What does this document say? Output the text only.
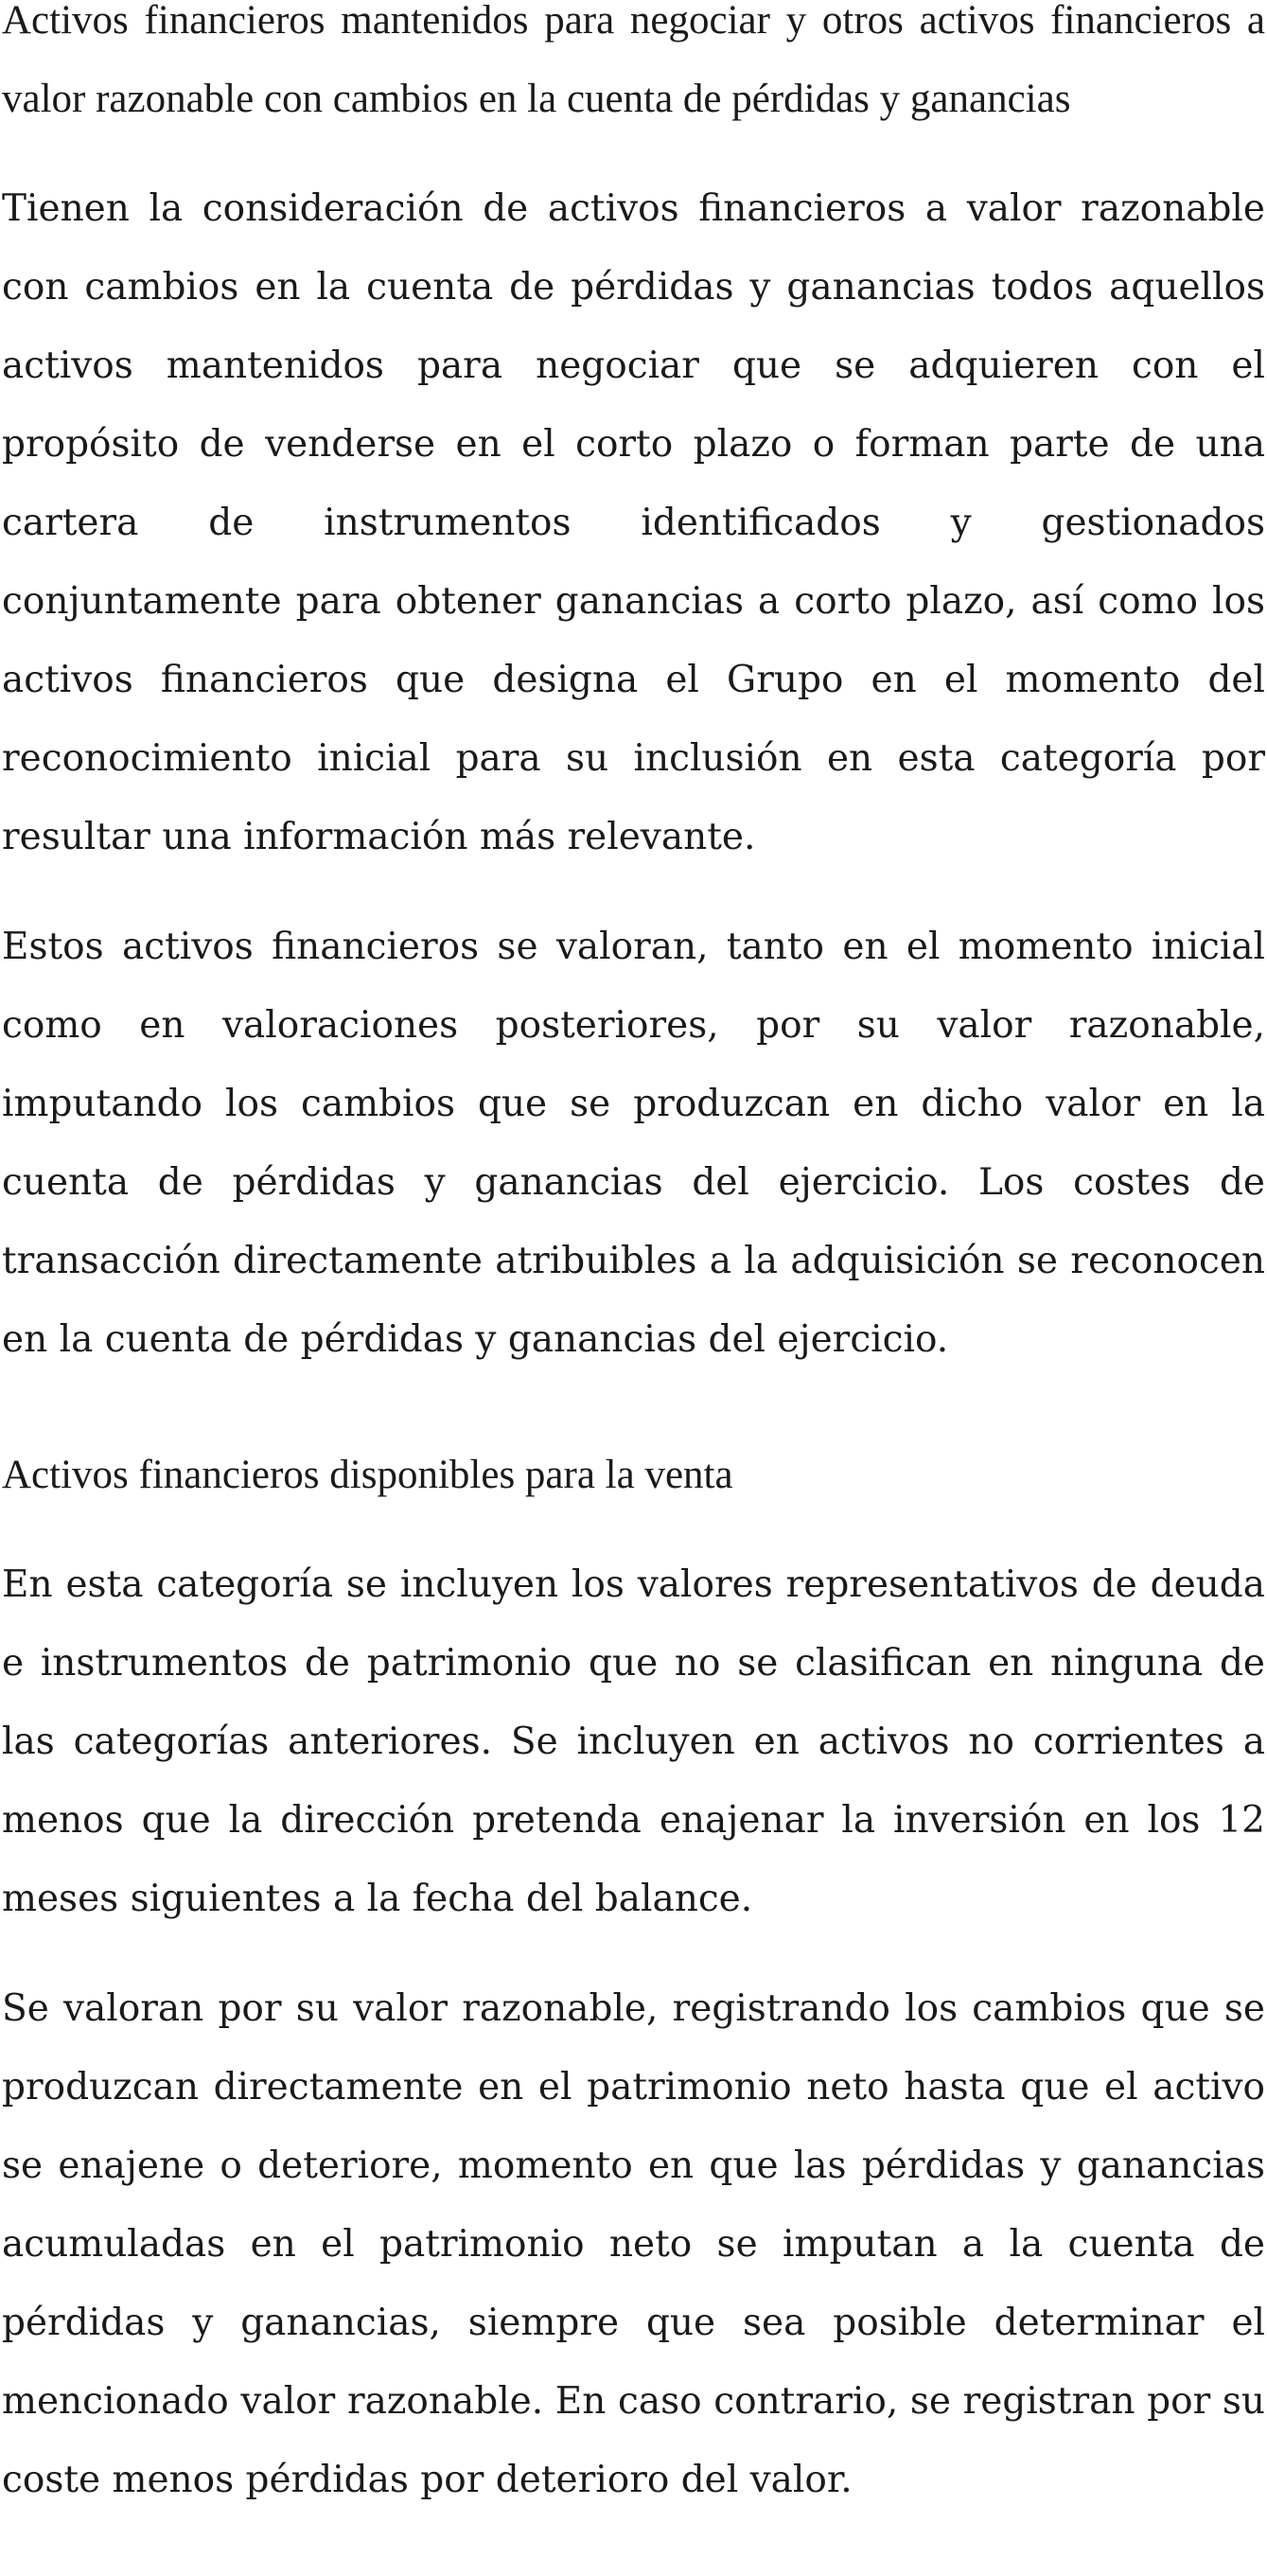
Activos financieros mantenidos para negociar y otros activos financieros a valor razonable con cambios en la cuenta de pérdidas y ganancias

Tienen la consideración de activos financieros a valor razonable con cambios en la cuenta de pérdidas y ganancias todos aquellos activos mantenidos para negociar que se adquieren con el propósito de venderse en el corto plazo o forman parte de una cartera de instrumentos identificados y gestionados conjuntamente para obtener ganancias a corto plazo, así como los activos financieros que designa el Grupo en el momento del reconocimiento inicial para su inclusión en esta categoría por resultar una información más relevante.

Estos activos financieros se valoran, tanto en el momento inicial como en valoraciones posteriores, por su valor razonable, imputando los cambios que se produzcan en dicho valor en la cuenta de pérdidas y ganancias del ejercicio. Los costes de transacción directamente atribuibles a la adquisición se reconocen en la cuenta de pérdidas y ganancias del ejercicio.

Activos financieros disponibles para la venta

En esta categoría se incluyen los valores representativos de deuda e instrumentos de patrimonio que no se clasifican en ninguna de las categorías anteriores. Se incluyen en activos no corrientes a menos que la dirección pretenda enajenar la inversión en los 12 meses siguientes a la fecha del balance.

Se valoran por su valor razonable, registrando los cambios que se produzcan directamente en el patrimonio neto hasta que el activo se enajene o deteriore, momento en que las pérdidas y ganancias acumuladas en el patrimonio neto se imputan a la cuenta de pérdidas y ganancias, siempre que sea posible determinar el mencionado valor razonable. En caso contrario, se registran por su coste menos pérdidas por deterioro del valor.
